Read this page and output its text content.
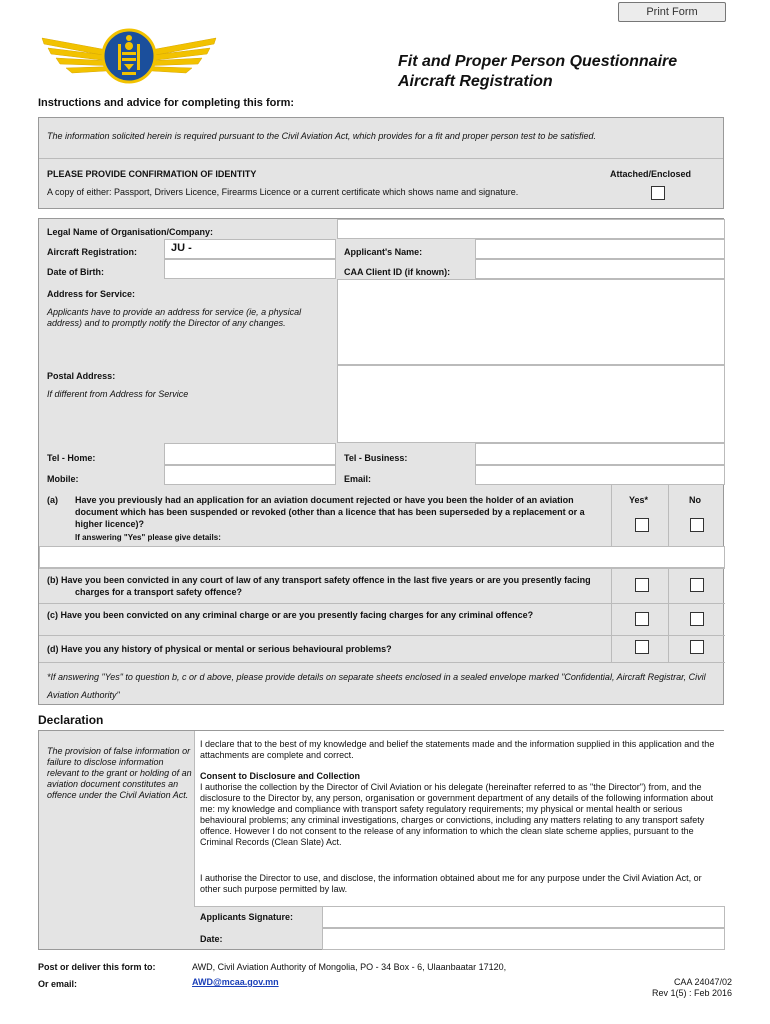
Print Form
Fit and Proper Person Questionnaire
Aircraft Registration
Instructions and advice for completing this form:
The information solicited herein is required pursuant to the Civil Aviation Act, which provides for a fit and proper person test to be satisfied.
PLEASE PROVIDE CONFIRMATION OF IDENTITY	Attached/Enclosed
A copy of either: Passport, Drivers Licence, Firearms Licence or a current certificate which shows name and signature.
Legal Name of Organisation/Company:
Aircraft Registration:	JU -	Applicant's Name:
Date of Birth:	CAA Client ID (if known):
Address for Service:
Applicants have to provide an address for service (ie, a physical address) and to promptly notify the Director of any changes.
Postal Address:
If different from Address for Service
Tel - Home:	Tel - Business:
Mobile:	Email:
Yes*	No
(a) Have you previously had an application for an aviation document rejected or have you been the holder of an aviation document which has been suspended or revoked (other than a licence that has been superseded by a replacement or a higher licence)?
If answering "Yes" please give details:
(b) Have you been convicted in any court of law of any transport safety offence in the last five years or are you presently facing charges for a transport safety offence?
(c) Have you been convicted on any criminal charge or are you presently facing charges for any criminal offence?
(d) Have you any history of physical or mental or serious behavioural problems?
*If answering "Yes" to question b, c or d above, please provide details on separate sheets enclosed in a sealed envelope marked "Confidential, Aircraft Registrar, Civil Aviation Authority"
Declaration
The provision of false information or failure to disclose information relevant to the grant or holding of an aviation document constitutes an offence under the Civil Aviation Act.
I declare that to the best of my knowledge and belief the statements made and the information supplied in this application and the attachments are complete and correct.
Consent to Disclosure and Collection
I authorise the collection by the Director of Civil Aviation or his delegate (hereinafter referred to as "the Director") from, and the disclosure to the Director by, any person, organisation or government department of any details of the following information about me: my knowledge and compliance with transport safety regulatory requirements; my physical or mental health or serious behavioural problems; any criminal investigations, charges or convictions, including any matters relating to any transport safety offence. However I do not consent to the release of any information to which the clean slate scheme applies, pursuant to the Criminal Records (Clean Slate) Act.
I authorise the Director to use, and disclose, the information obtained about me for any purpose under the Civil Aviation Act, or other such purpose permitted by law.
Applicants Signature:
Date:
Post or deliver this form to:	AWD, Civil Aviation Authority of Mongolia, PO - 34 Box - 6, Ulaanbaatar 17120,
Or email:	AWD@mcaa.gov.mn	CAA 24047/02
Rev 1(5) : Feb 2016
